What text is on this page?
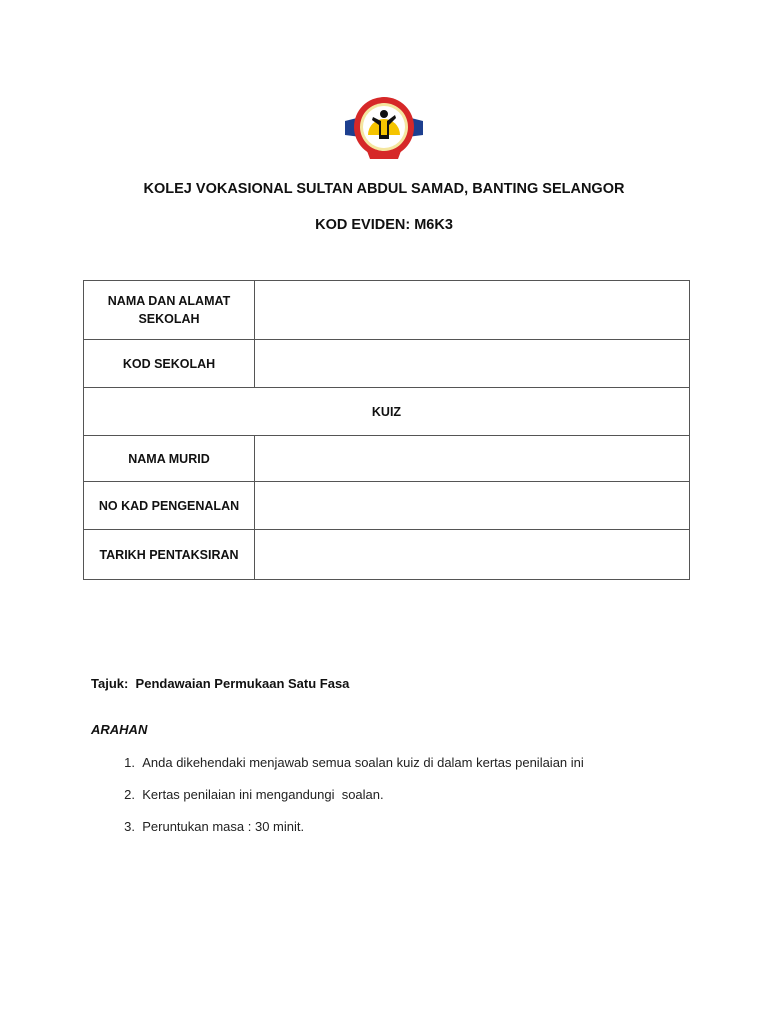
KOLEJ VOKASIONAL SULTAN ABDUL SAMAD, BANTING SELANGOR

KOD EVIDEN: M6K3

NAMA DAN ALAMAT SEKOLAH	
KOD SEKOLAH	
KUIZ	
NAMA MURID	
NO KAD PENGENALAN	
TARIKH PENTAKSIRAN	

Tajuk:  Pendawaian Permukaan Satu Fasa

ARAHAN

1. Anda dikehendaki menjawab semua soalan kuiz di dalam kertas penilaian ini
2. Kertas penilaian ini mengandungi  soalan.
3. Peruntukan masa : 30 minit.
